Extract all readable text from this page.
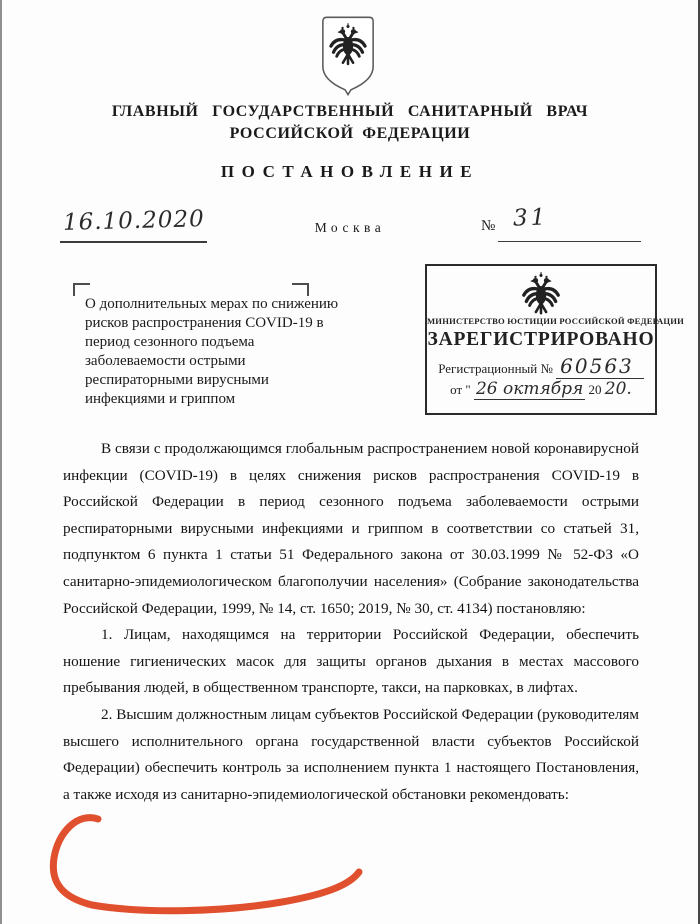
ГЛАВНЫЙ ГОСУДАРСТВЕННЫЙ САНИТАРНЫЙ ВРАЧ
РОССИЙСКОЙ ФЕДЕРАЦИИ
ПОСТАНОВЛЕНИЕ
16.10.2020	Москва	№ 31
О дополнительных мерах по снижению рисков распространения COVID-19 в период сезонного подъема заболеваемости острыми респираторными вирусными инфекциями и гриппом
МИНИСТЕРСТВО ЮСТИЦИИ РОССИЙСКОЙ ФЕДЕРАЦИИ
ЗАРЕГИСТРИРОВАНО
Регистрационный № 60563
от " 26 октября 20 20.

В связи с продолжающимся глобальным распространением новой коронавирусной инфекции (COVID-19) в целях снижения рисков распространения COVID-19 в Российской Федерации в период сезонного подъема заболеваемости острыми респираторными вирусными инфекциями и гриппом в соответствии со статьей 31, подпунктом 6 пункта 1 статьи 51 Федерального закона от 30.03.1999 № 52-ФЗ «О санитарно-эпидемиологическом благополучии населения» (Собрание законодательства Российской Федерации, 1999, № 14, ст. 1650; 2019, № 30, ст. 4134) постановляю:

1. Лицам, находящимся на территории Российской Федерации, обеспечить ношение гигиенических масок для защиты органов дыхания в местах массового пребывания людей, в общественном транспорте, такси, на парковках, в лифтах.

2. Высшим должностным лицам субъектов Российской Федерации (руководителям высшего исполнительного органа государственной власти субъектов Российской Федерации) обеспечить контроль за исполнением пункта 1 настоящего Постановления, а также исходя из санитарно-эпидемиологической обстановки рекомендовать:
